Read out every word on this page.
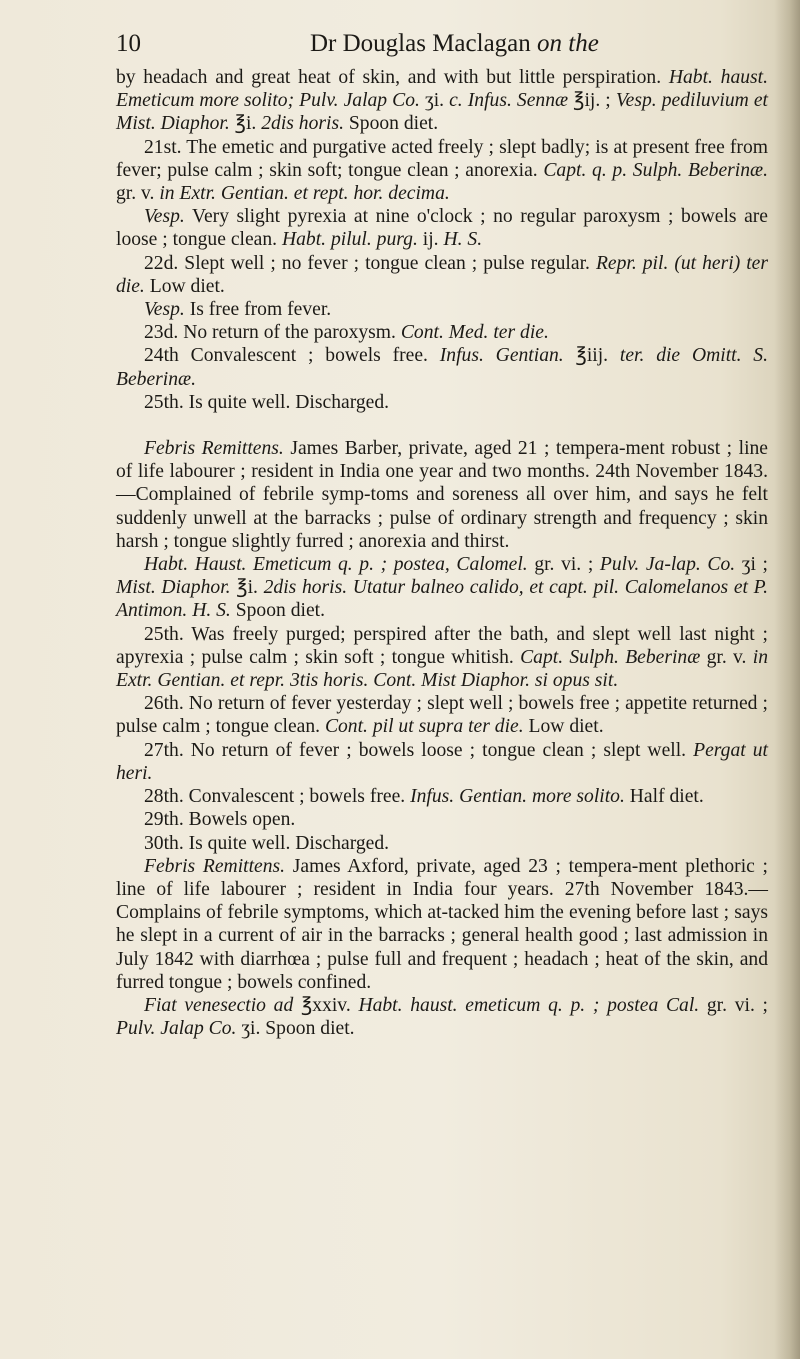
10	Dr Douglas Maclagan on the

by headach and great heat of skin, and with but little perspiration. Habt. haust. Emeticum more solito; Pulv. Jalap Co. ʒi. c. Infus. Sennæ ℥ij. ; Vesp. pediluvium et Mist. Diaphor. ℥i. 2dis horis. Spoon diet.

21st. The emetic and purgative acted freely ; slept badly; is at present free from fever; pulse calm ; skin soft; tongue clean ; anorexia. Capt. q. p. Sulph. Beberinæ. gr. v. in Extr. Gentian. et rept. hor. decima.

Vesp. Very slight pyrexia at nine o'clock ; no regular paroxysm ; bowels are loose ; tongue clean. Habt. pilul. purg. ij. H. S.

22d. Slept well ; no fever ; tongue clean ; pulse regular. Repr. pil. (ut heri) ter die. Low diet.

Vesp. Is free from fever.

23d. No return of the paroxysm. Cont. Med. ter die.

24th Convalescent ; bowels free. Infus. Gentian. ℥iij. ter. die Omitt. S. Beberinæ.

25th. Is quite well. Discharged.

Febris Remittens. James Barber, private, aged 21 ; tempera-ment robust ; line of life labourer ; resident in India one year and two months. 24th November 1843.—Complained of febrile symp-toms and soreness all over him, and says he felt suddenly unwell at the barracks ; pulse of ordinary strength and frequency ; skin harsh ; tongue slightly furred ; anorexia and thirst.

Habt. Haust. Emeticum q. p. ; postea, Calomel. gr. vi. ; Pulv. Ja-lap. Co. ʒi ; Mist. Diaphor. ℥i. 2dis horis. Utatur balneo calido, et capt. pil. Calomelanos et P. Antimon. H. S. Spoon diet.

25th. Was freely purged; perspired after the bath, and slept well last night ; apyrexia ; pulse calm ; skin soft ; tongue whitish. Capt. Sulph. Beberinæ gr. v. in Extr. Gentian. et repr. 3tis horis. Cont. Mist Diaphor. si opus sit.

26th. No return of fever yesterday ; slept well ; bowels free ; appetite returned ; pulse calm ; tongue clean. Cont. pil ut supra ter die. Low diet.

27th. No return of fever ; bowels loose ; tongue clean ; slept well. Pergat ut heri.

28th. Convalescent ; bowels free. Infus. Gentian. more solito. Half diet.

29th. Bowels open.

30th. Is quite well. Discharged.

Febris Remittens. James Axford, private, aged 23 ; tempera-ment plethoric ; line of life labourer ; resident in India four years. 27th November 1843.—Complains of febrile symptoms, which at-tacked him the evening before last ; says he slept in a current of air in the barracks ; general health good ; last admission in July 1842 with diarrhœa ; pulse full and frequent ; headach ; heat of the skin, and furred tongue ; bowels confined.

Fiat venesectio ad ℥xxiv. Habt. haust. emeticum q. p. ; postea Cal. gr. vi. ; Pulv. Jalap Co. ʒi. Spoon diet.
